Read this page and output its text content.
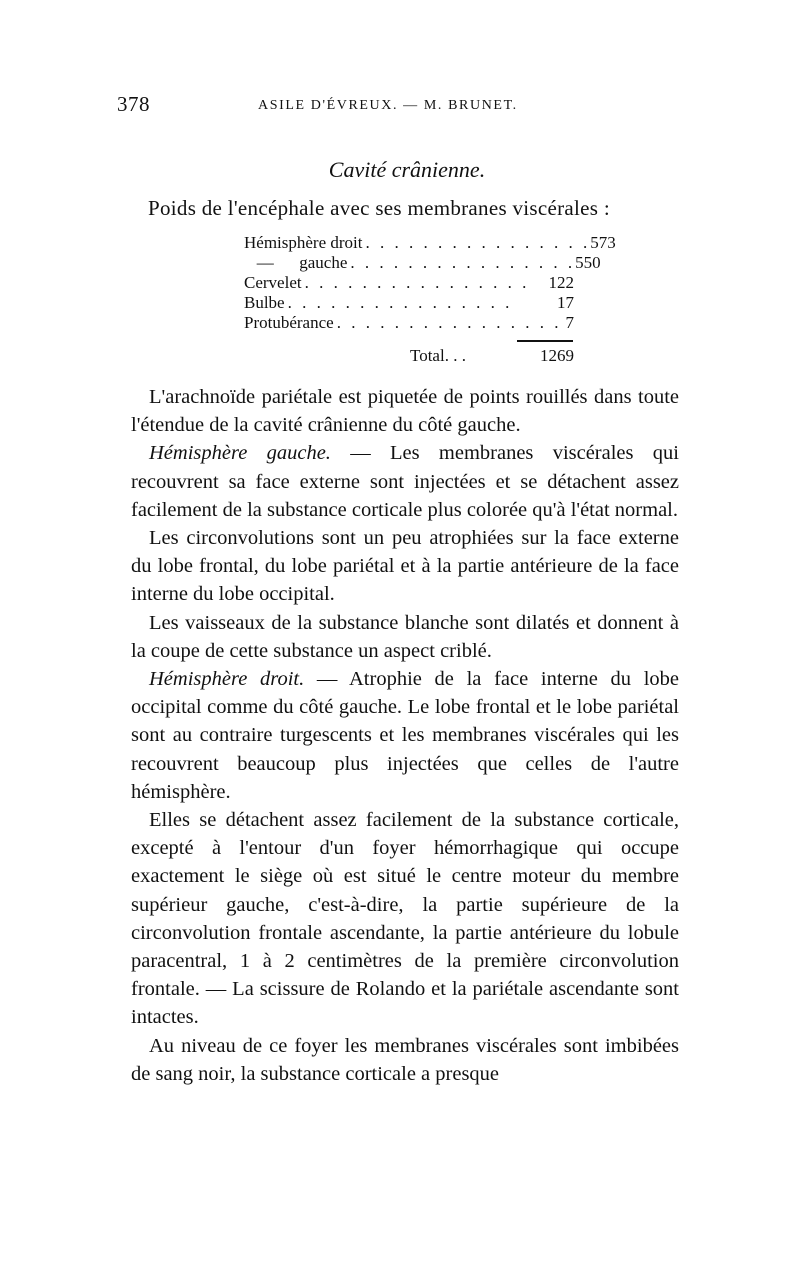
378	ASILE D'ÉVREUX. — M. BRUNET.
Cavité crânienne.
Poids de l'encéphale avec ses membranes viscérales :
Hémisphère droit . . . . . . . . . . . . . . . . 573
—      gauche . . . . . . . . . . . . . . . . 550
Cervelet . . . . . . . . . . . . . . . .	122
Bulbe . . . . . . . . . . . . . . . .	17
Protubérance . . . . . . . . . . . . . . . . 7
Total. . .	1269

L'arachnoïde pariétale est piquetée de points rouillés dans toute l'étendue de la cavité crânienne du côté gauche.

Hémisphère gauche. — Les membranes viscérales qui recouvrent sa face externe sont injectées et se détachent assez facilement de la substance corticale plus colorée qu'à l'état normal.

Les circonvolutions sont un peu atrophiées sur la face externe du lobe frontal, du lobe pariétal et à la partie antérieure de la face interne du lobe occipital.

Les vaisseaux de la substance blanche sont dilatés et donnent à la coupe de cette substance un aspect criblé.

Hémisphère droit. — Atrophie de la face interne du lobe occipital comme du côté gauche. Le lobe frontal et le lobe pariétal sont au contraire turgescents et les membranes viscérales qui les recouvrent beaucoup plus injectées que celles de l'autre hémisphère.

Elles se détachent assez facilement de la substance corticale, excepté à l'entour d'un foyer hémorrhagique qui occupe exactement le siège où est situé le centre moteur du membre supérieur gauche, c'est-à-dire, la partie supérieure de la circonvolution frontale ascendante, la partie antérieure du lobule paracentral, 1 à 2 centimètres de la première circonvolution frontale. — La scissure de Rolando et la pariétale ascendante sont intactes.

Au niveau de ce foyer les membranes viscérales sont imbibées de sang noir, la substance corticale a presque
